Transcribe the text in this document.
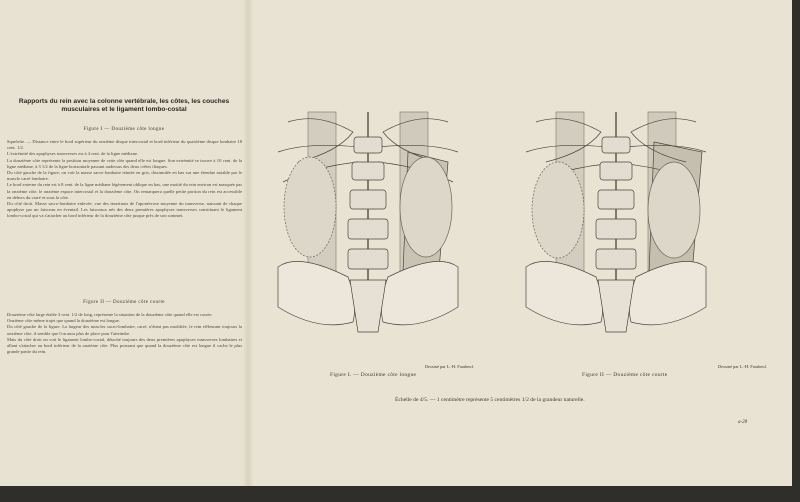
Rapports du rein avec la colonne vertébrale, les côtes, les couches musculaires et le ligament lombo-costal
Figure I — Douzième côte longue
Squelette. — Distance entre le bord supérieur du onzième disque intercostal et bord inférieur du quatrième disque lombaire 18 cent. 1/2.
L'extrémité des apophyses transverses est à 4 cent. de la ligne médiane.
La douzième côte représente la position moyenne de cette côte quand elle est longue. Son extrémité se trouve à 10 cent. de la ligne médiane, à 3 1/2 de la ligne horizontale passant audessus des deux crêtes iliaques.
Du côté gauche de la figure, on voit la masse sacro-lombaire teintée en gris, dissimulée en bas sur une étendue notable par le muscle carré lombaire.
Le bord externe du rein est à 8 cent. de la ligne médiane légèrement oblique en bas, une moitié du rein environ est masquée par la onzième côte, le onzième espace intercostal et la douzième côte. On remarquera quelle petite portion du rein est accessible en dehors du carré et sous la côte.
Du côté droit. Masse sacro-lombaire enlevée, vue des insertions de l'aponévrose moyenne du transverse, naissant de chaque apophyse par un faisceau en éventail. Les faisceaux nés des deux premières apophyses transverses constituant le ligament lombo-costal qui va s'attacher au bord inférieur de la douzième côte jusque près de son sommet.
Figure II — Douzième côte courte
Douzième côte large étalée 3 cent. 1/2 de long, représente la situation de la douzième côte quand elle est courte.
Onzième côte même trajet que quand la douzième est longue.
Du côté gauche de la figure. La largeur des muscles sacro-lombaire, carré, n'étant pas modifiée, le rein effleurant toujours la onzième côte, il semble que l'on aura plus de place pour l'atteindre.
Mais du côté droit on voit le ligament lombo-costal, détaché toujours des deux premières apophyses transverses lombaires et allant s'attacher au bord inférieur de la onzième côte. Plus puissant que quand la douzième côte est longue il cache le plus grande partie du rein.
Dessiné par L.-H. Farabeuf.
Figure I. — Douzième côte longue
Dessiné par L.-H. Farabeuf.
Figure II — Douzième côte courte
Échelle de 4/5. — 1 centimètre représente 5 centimètres 1/2 de la grandeur naturelle.
a-28
